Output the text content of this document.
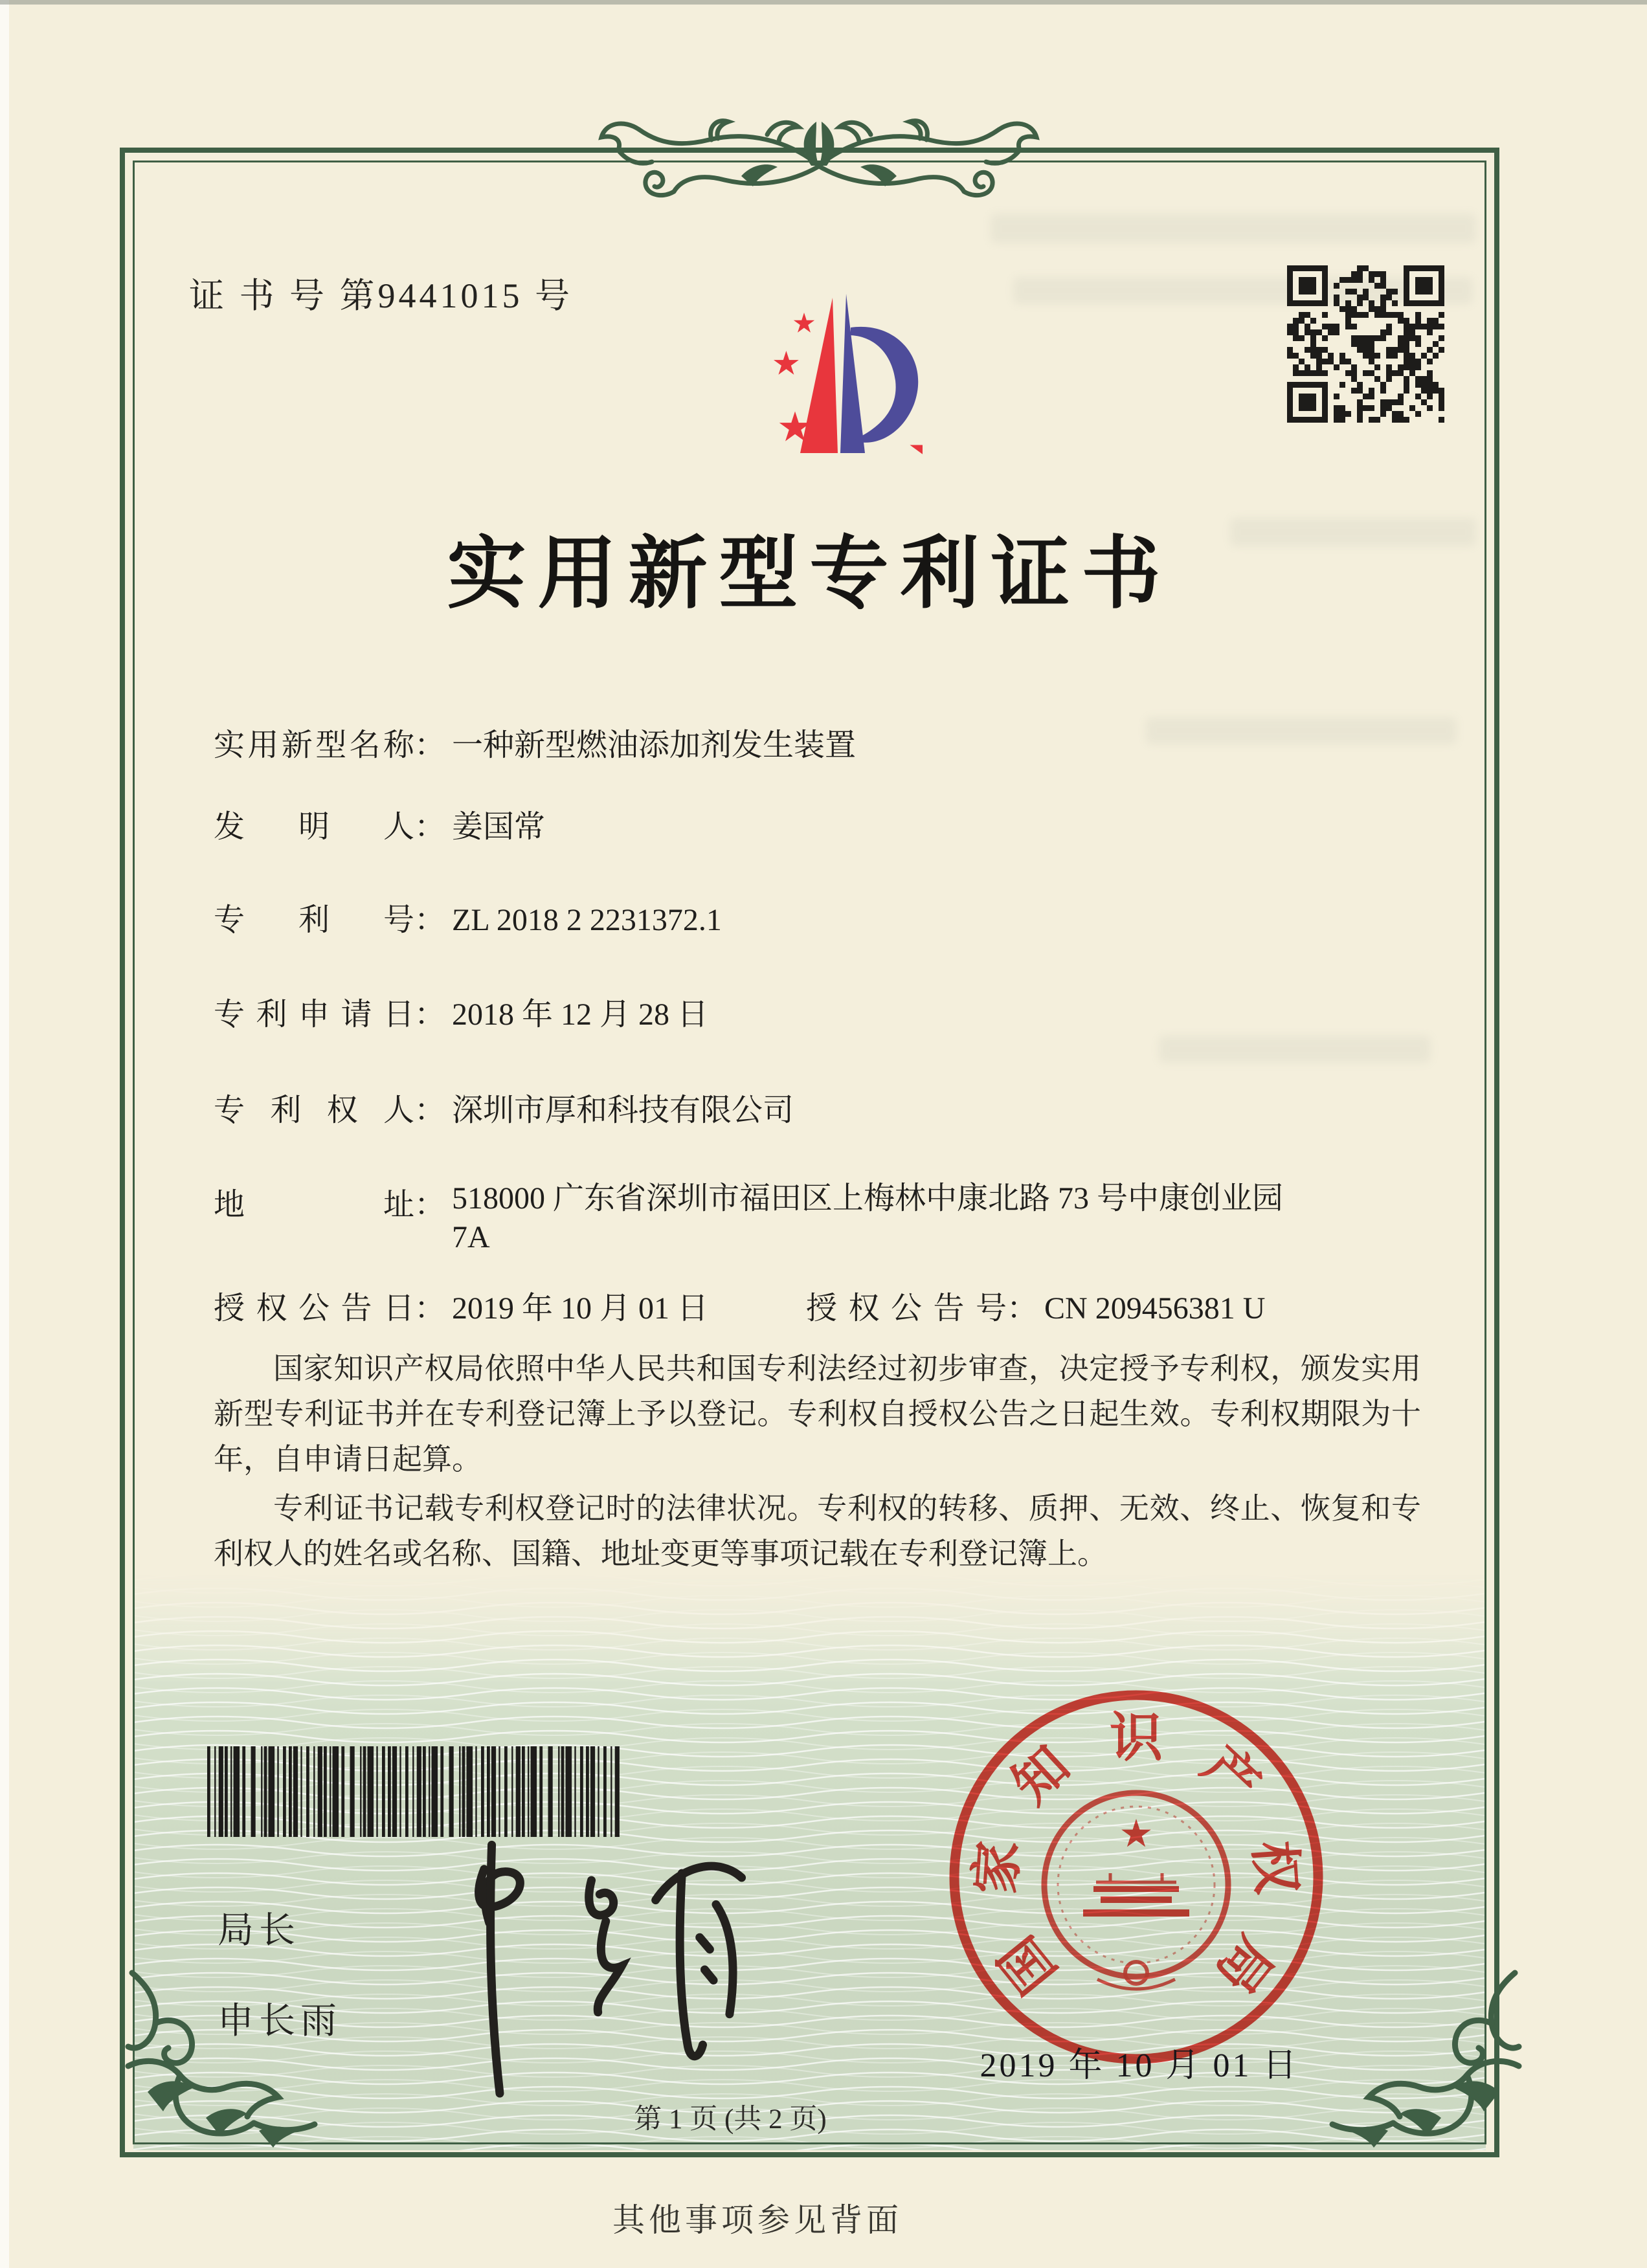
证 书 号 第9441015 号
实用新型专利证书
实用新型名称： 一种新型燃油添加剂发生装置
发明人： 姜国常
专利号： ZL 2018 2 2231372.1
专利申请日： 2018 年 12 月 28 日
专利权人： 深圳市厚和科技有限公司
地址： 518000 广东省深圳市福田区上梅林中康北路 73 号中康创业园 7A
授权公告日： 2019 年 10 月 01 日	授权公告号： CN 209456381 U
国家知识产权局依照中华人民共和国专利法经过初步审查，决定授予专利权，颁发实用新型专利证书并在专利登记簿上予以登记。专利权自授权公告之日起生效。专利权期限为十年，自申请日起算。
专利证书记载专利权登记时的法律状况。专利权的转移、质押、无效、终止、恢复和专利权人的姓名或名称、国籍、地址变更等事项记载在专利登记簿上。
局长
申长雨
国
家
知 识 产
权
局
2019 年 10 月 01 日
第 1 页 (共 2 页)
其他事项参见背面
